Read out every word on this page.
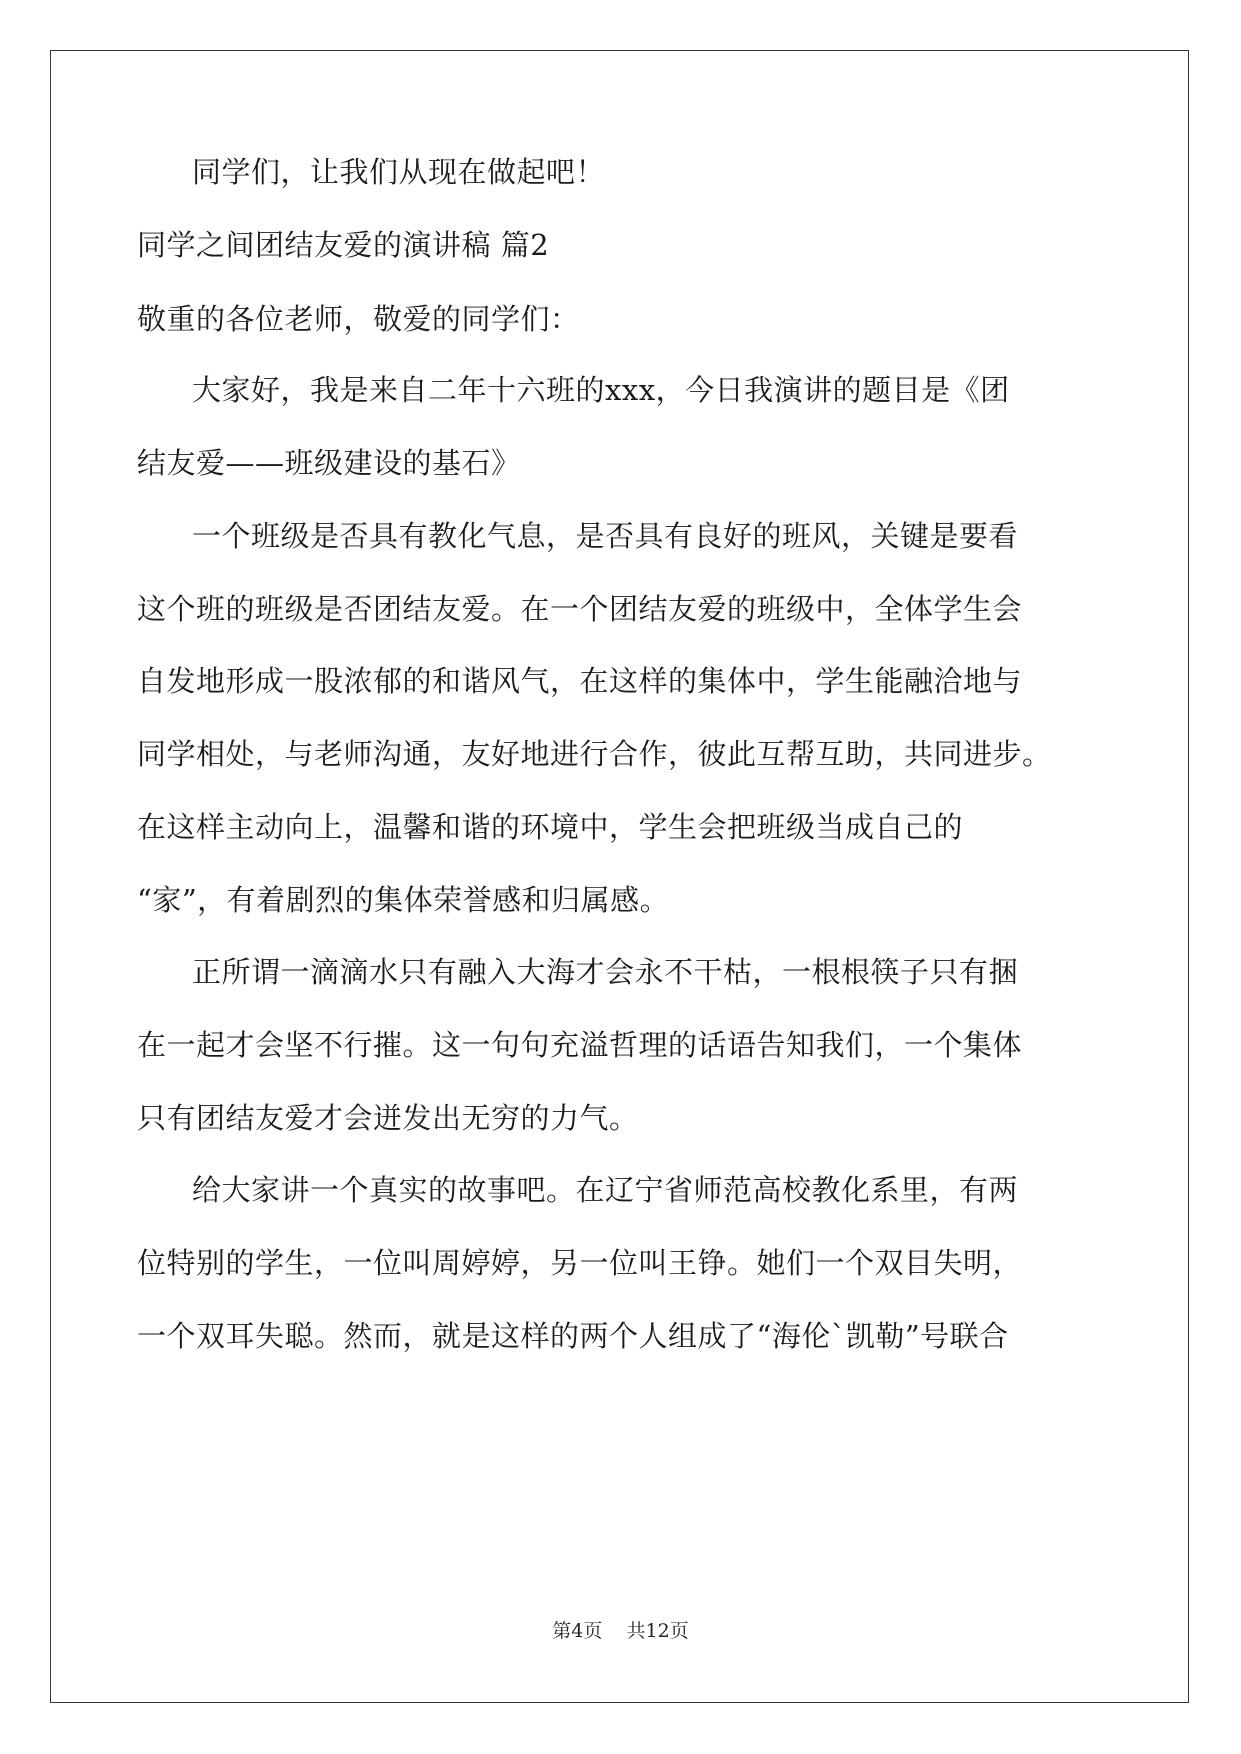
同学们，让我们从现在做起吧！
同学之间团结友爱的演讲稿 篇2
敬重的各位老师，敬爱的同学们：
大家好，我是来自二年十六班的xxx，今日我演讲的题目是《团
结友爱——班级建设的基石》
一个班级是否具有教化气息，是否具有良好的班风，关键是要看
这个班的班级是否团结友爱。在一个团结友爱的班级中，全体学生会
自发地形成一股浓郁的和谐风气，在这样的集体中，学生能融洽地与
同学相处，与老师沟通，友好地进行合作，彼此互帮互助，共同进步。
在这样主动向上，温馨和谐的环境中，学生会把班级当成自己的
“家”，有着剧烈的集体荣誉感和归属感。
正所谓一滴滴水只有融入大海才会永不干枯，一根根筷子只有捆
在一起才会坚不行摧。这一句句充溢哲理的话语告知我们，一个集体
只有团结友爱才会迸发出无穷的力气。
给大家讲一个真实的故事吧。在辽宁省师范高校教化系里，有两
位特别的学生，一位叫周婷婷，另一位叫王铮。她们一个双目失明，
一个双耳失聪。然而，就是这样的两个人组成了“海伦`凯勒”号联合
第4页 共12页
